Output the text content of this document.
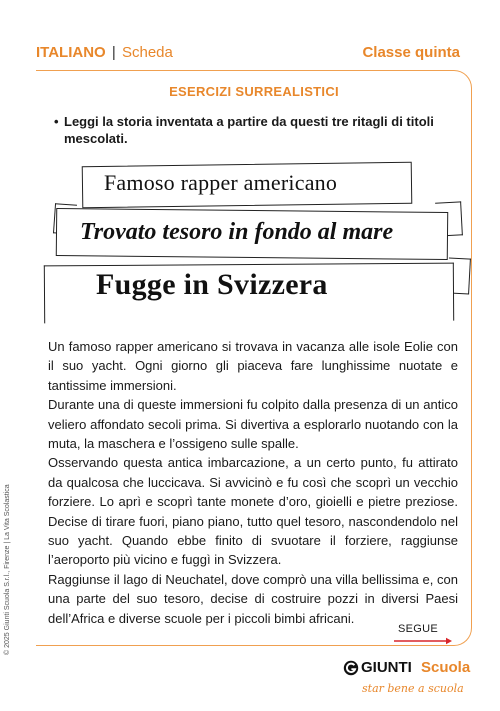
ITALIANO | Scheda	Classe quinta
ESERCIZI SURREALISTICI
• Leggi la storia inventata a partire da questi tre ritagli di titoli mescolati.
Famoso rapper americano
Trovato tesoro in fondo al mare
Fugge in Svizzera

Un famoso rapper americano si trovava in vacanza alle isole Eolie con il suo yacht. Ogni giorno gli piaceva fare lunghissime nuotate e tantissime immersioni.

Durante una di queste immersioni fu colpito dalla presenza di un antico veliero affondato secoli prima. Si divertiva a esplorarlo nuotando con la muta, la maschera e l’ossigeno sulle spalle.

Osservando questa antica imbarcazione, a un certo punto, fu attirato da qualcosa che luccicava. Si avvicinò e fu così che scoprì un vecchio forziere. Lo aprì e scoprì tante monete d’oro, gioielli e pietre preziose. Decise di tirare fuori, piano piano, tutto quel tesoro, nascondendolo nel suo yacht. Quando ebbe finito di svuotare il forziere, raggiunse l’aeroporto più vicino e fuggì in Svizzera.

Raggiunse il lago di Neuchatel, dove comprò una villa bellissima e, con una parte del suo tesoro, decise di costruire pozzi in diversi Paesi dell’Africa e diverse scuole per i piccoli bimbi africani.

SEGUE
© 2025 Giunti Scuola S.r.l., Firenze | La Vita Scolastica
GIUNTI Scuola
star bene a scuola
